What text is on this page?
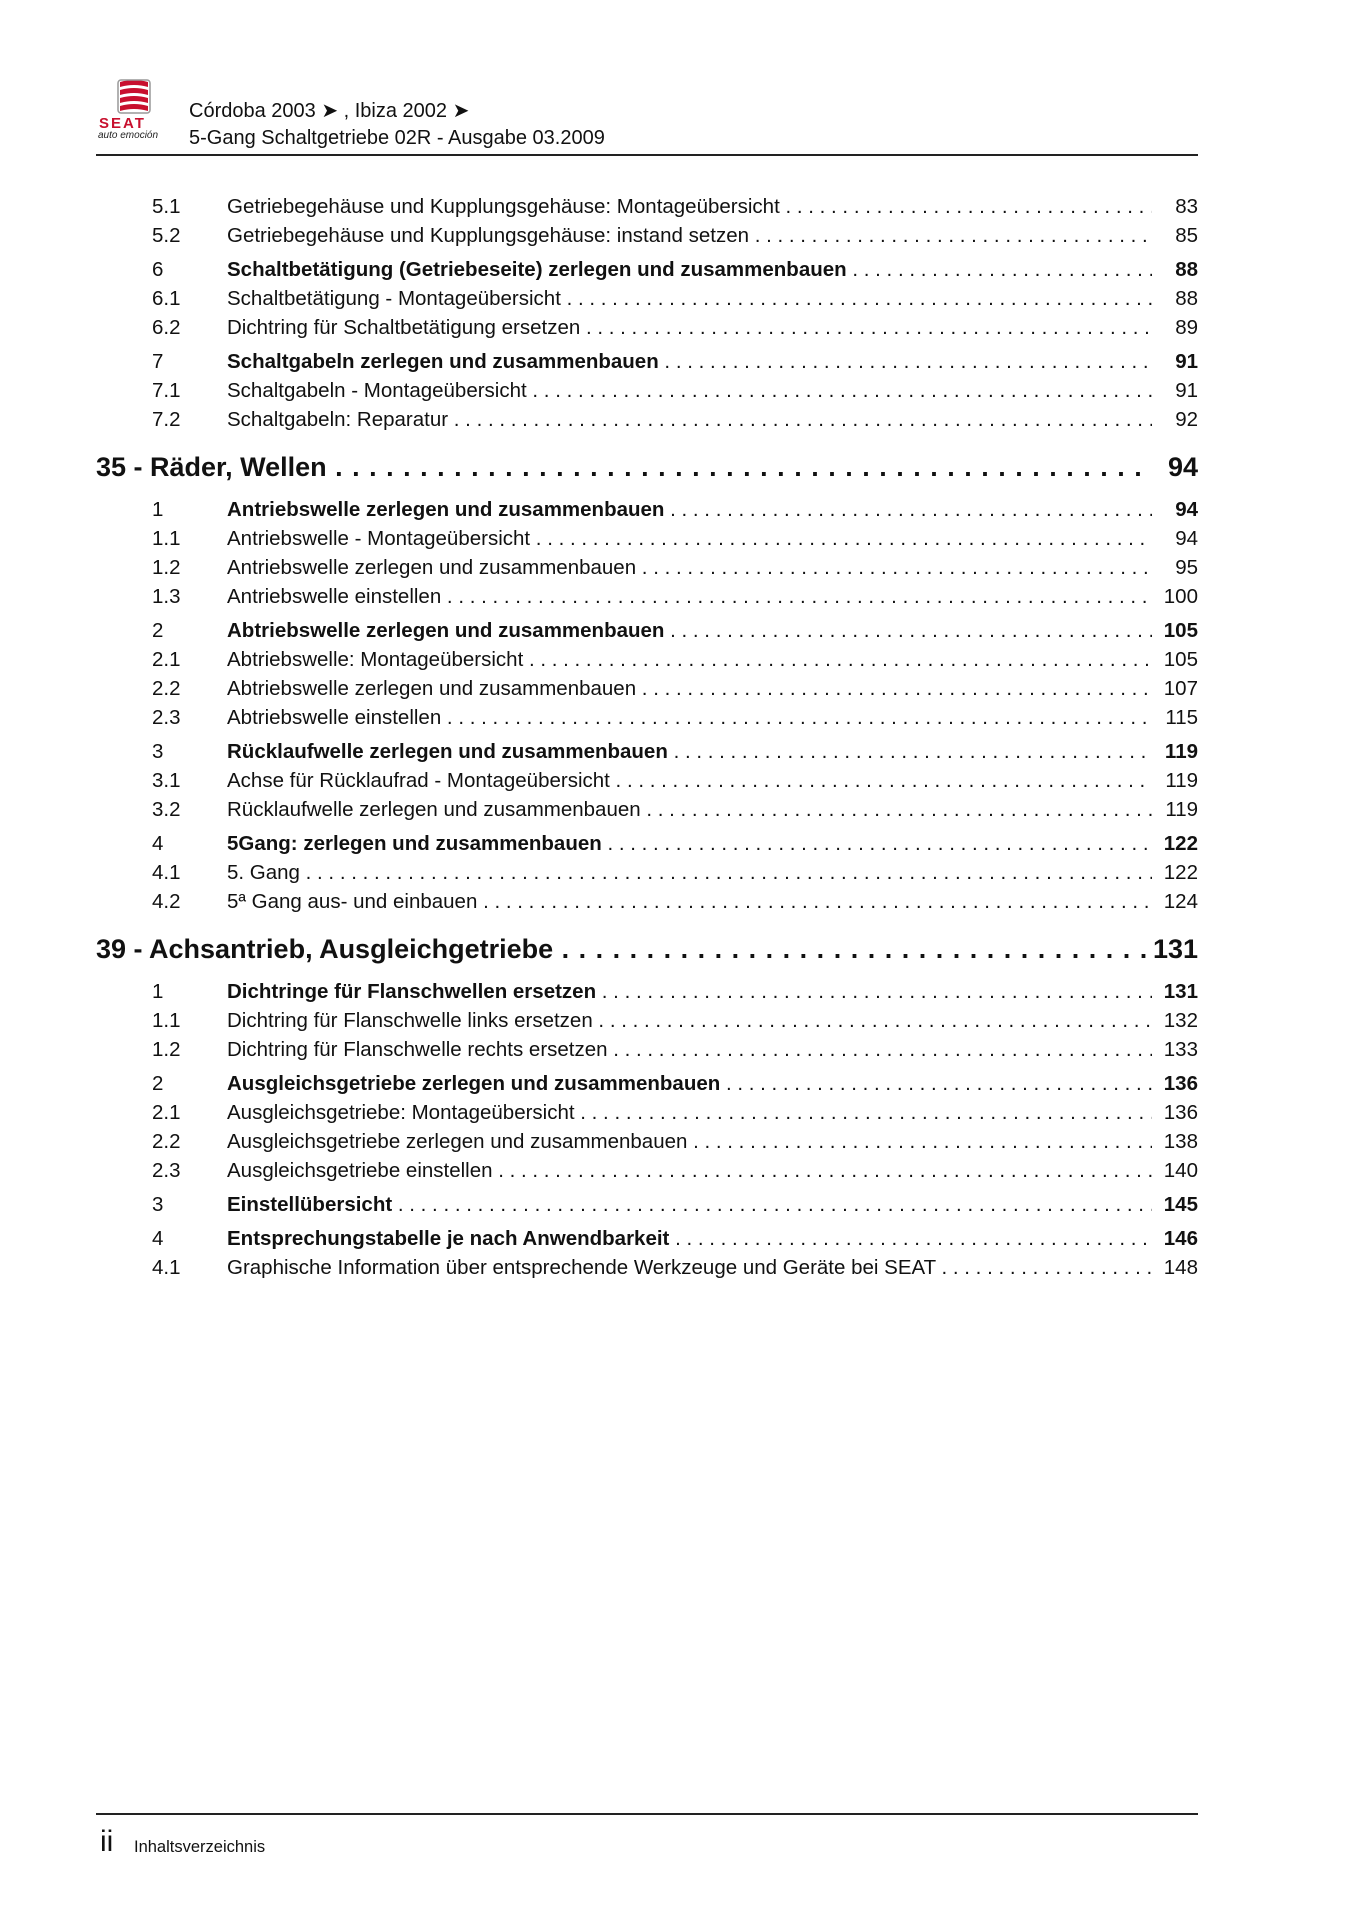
SEAT
auto emoción
Córdoba 2003 ➤ , Ibiza 2002 ➤
5-Gang Schaltgetriebe 02R - Ausgabe 03.2009
5.1 Getriebegehäuse und Kupplungsgehäuse: Montageübersicht . . .	83
5.2 Getriebegehäuse und Kupplungsgehäuse: instand setzen . . .	85
6	Schaltbetätigung (Getriebeseite) zerlegen und zusammenbauen . . .	88
6.1 Schaltbetätigung - Montageübersicht . . .	88
6.2 Dichtring für Schaltbetätigung ersetzen . . .	89
7	Schaltgabeln zerlegen und zusammenbauen . . .	91
7.1 Schaltgabeln - Montageübersicht . . .	91
7.2 Schaltgabeln: Reparatur . . .	92
35 - Räder, Wellen . . .	94
1	Antriebswelle zerlegen und zusammenbauen . . .	94
1.1 Antriebswelle - Montageübersicht . . .	94
1.2 Antriebswelle zerlegen und zusammenbauen . . .	95
1.3 Antriebswelle einstellen . . .	100
2	Abtriebswelle zerlegen und zusammenbauen . . .	105
2.1 Abtriebswelle: Montageübersicht . . .	105
2.2 Abtriebswelle zerlegen und zusammenbauen . . .	107
2.3 Abtriebswelle einstellen . . .	115
3	Rücklaufwelle zerlegen und zusammenbauen . . .	119
3.1 Achse für Rücklaufrad - Montageübersicht . . .	119
3.2 Rücklaufwelle zerlegen und zusammenbauen . . .	119
4	5Gang: zerlegen und zusammenbauen . . .	122
4.1 5. Gang . . .	122
4.2 5ª Gang aus- und einbauen . . .	124
39 - Achsantrieb, Ausgleichgetriebe . . .	131
1	Dichtringe für Flanschwellen ersetzen . . .	131
1.1 Dichtring für Flanschwelle links ersetzen . . .	132
1.2 Dichtring für Flanschwelle rechts ersetzen . . .	133
2	Ausgleichsgetriebe zerlegen und zusammenbauen . . .	136
2.1 Ausgleichsgetriebe: Montageübersicht . . .	136
2.2 Ausgleichsgetriebe zerlegen und zusammenbauen . . .	138
2.3 Ausgleichsgetriebe einstellen . . .	140
3	Einstellübersicht . . .	145
4	Entsprechungstabelle je nach Anwendbarkeit . . .	146
4.1 Graphische Information über entsprechende Werkzeuge und Geräte bei SEAT . . .	148
ii Inhaltsverzeichnis
